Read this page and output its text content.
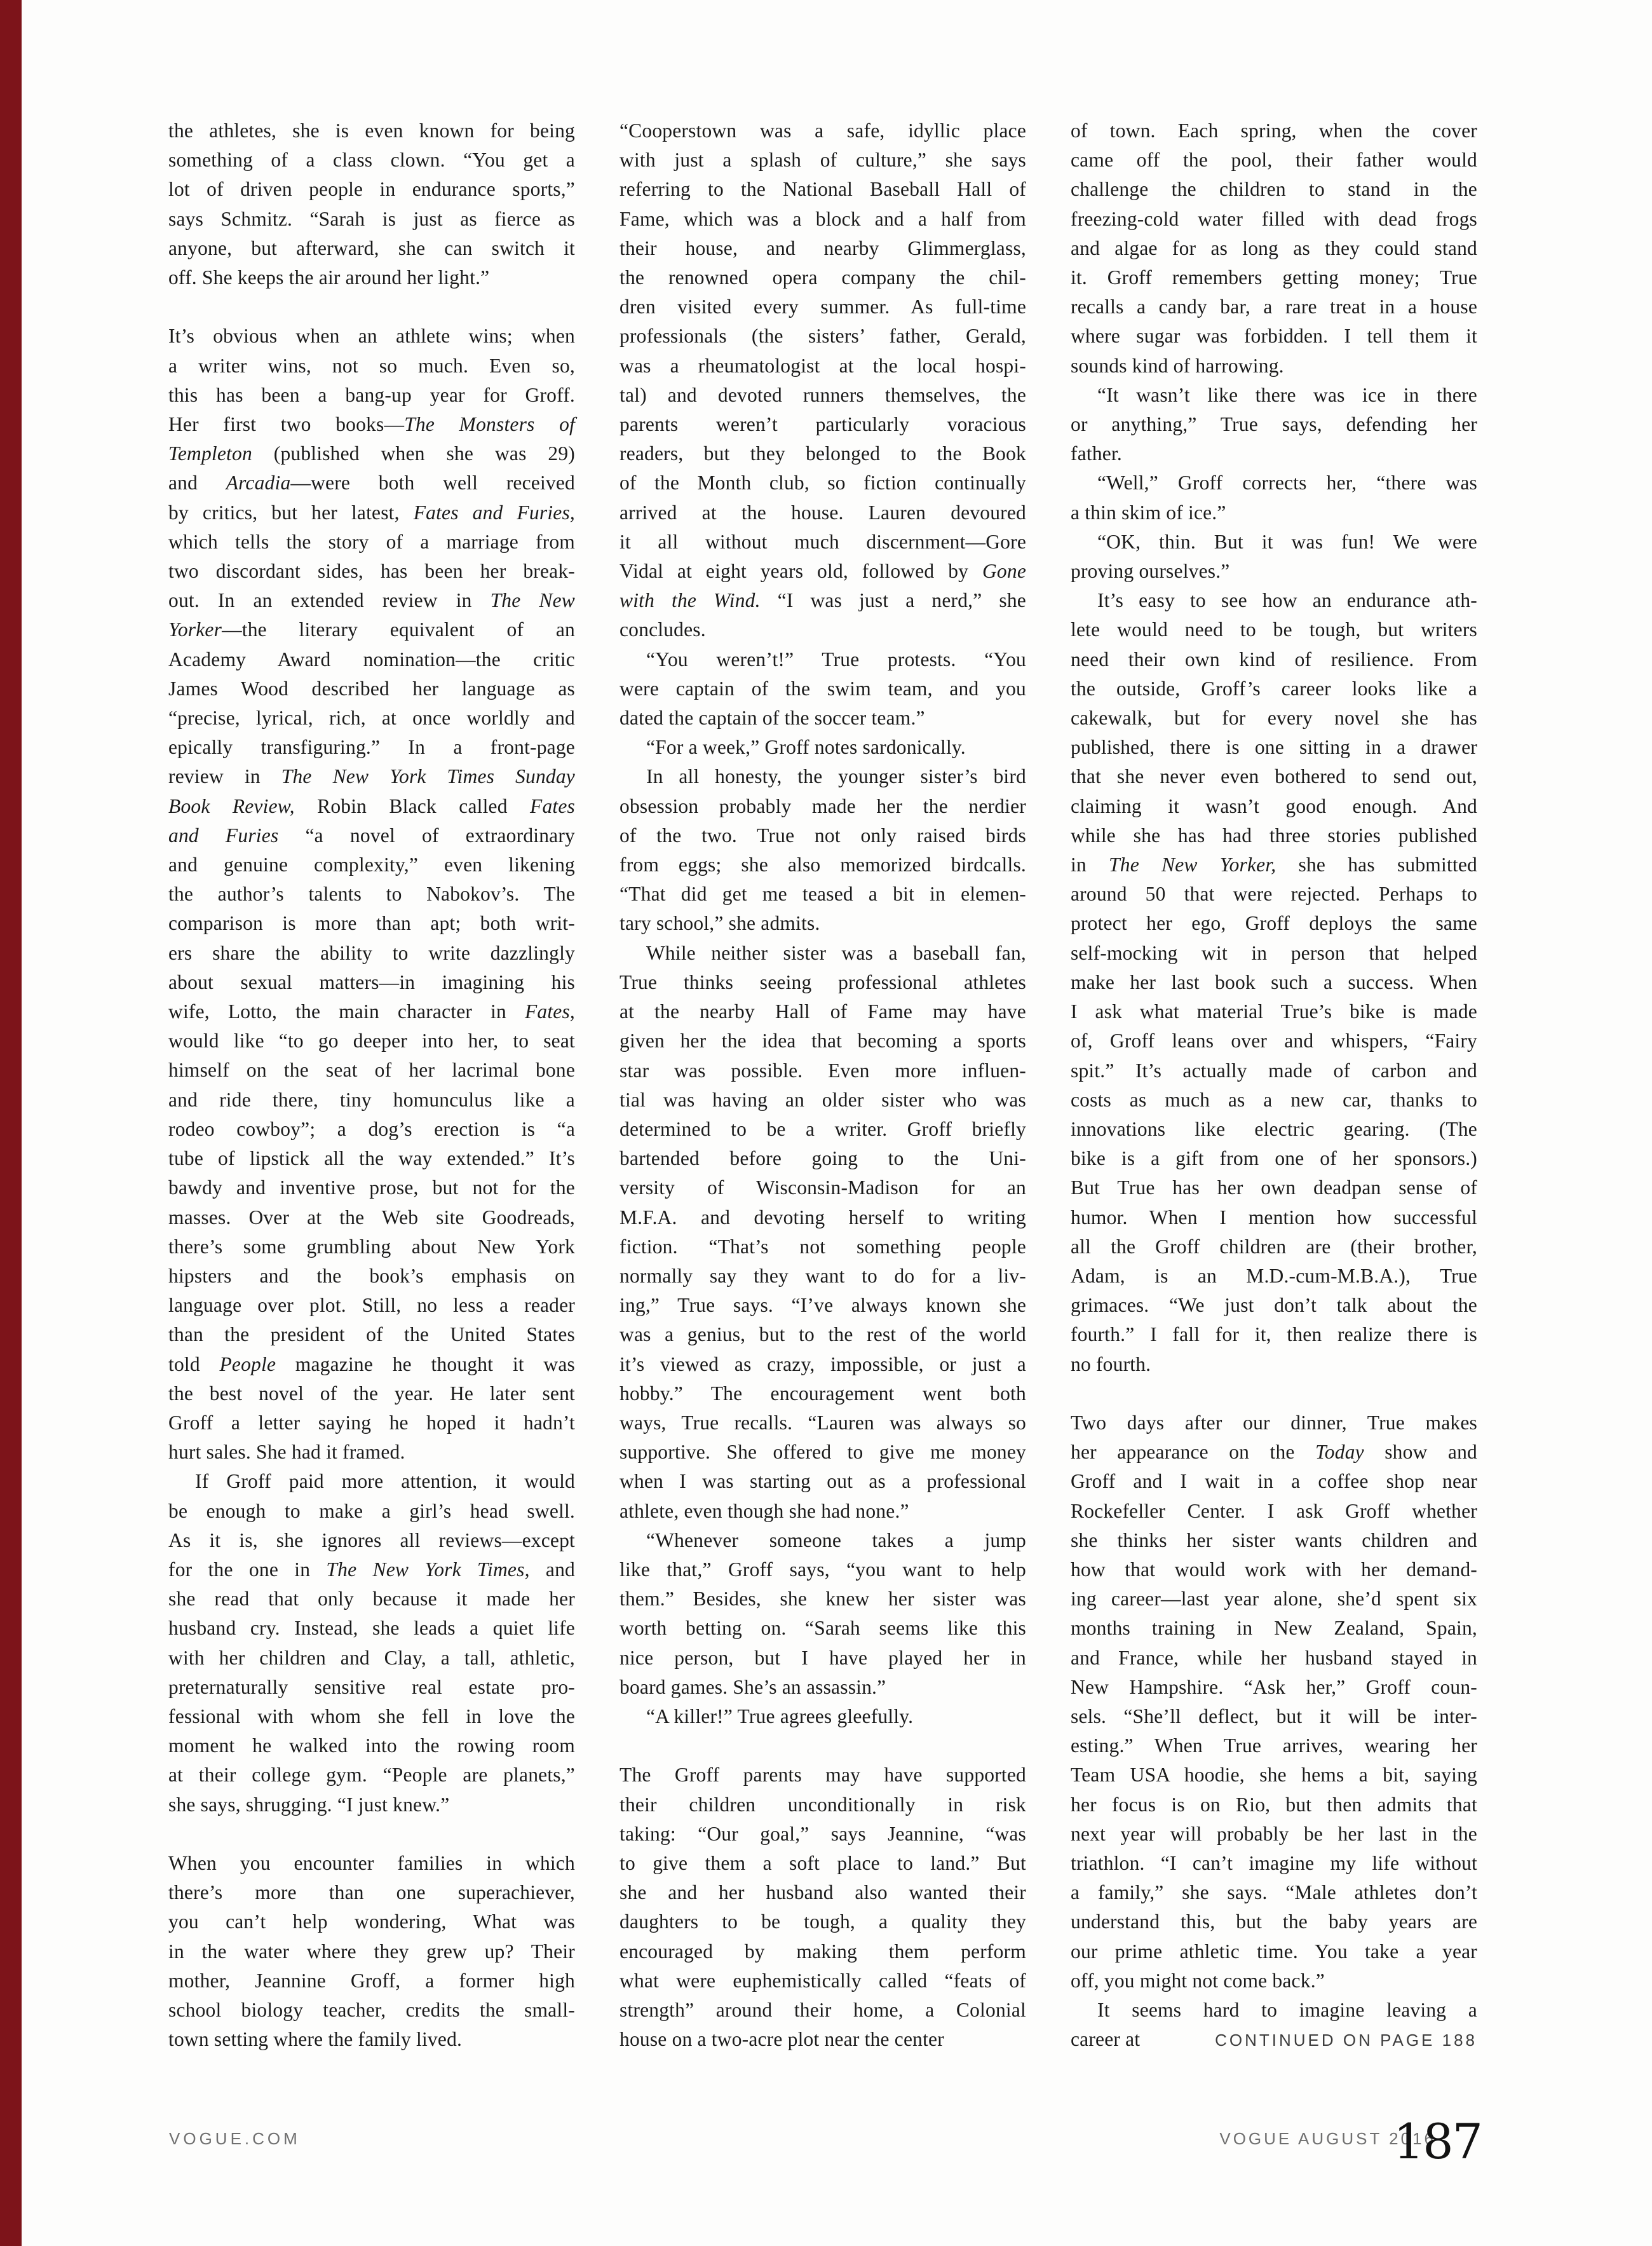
the athletes, she is even known for being
something of a class clown. “You get a
lot of driven people in endurance sports,”
says Schmitz. “Sarah is just as fierce as
anyone, but afterward, she can switch it
off. She keeps the air around her light.”
It’s obvious when an athlete wins; when
a writer wins, not so much. Even so,
this has been a bang-up year for Groff.
Her first two books—The Monsters of
Templeton (published when she was 29)
and Arcadia—were both well received
by critics, but her latest, Fates and Furies,
which tells the story of a marriage from
two discordant sides, has been her break-
out. In an extended review in The New
Yorker—the literary equivalent of an
Academy Award nomination—the critic
James Wood described her language as
“precise, lyrical, rich, at once worldly and
epically transfiguring.” In a front-page
review in The New York Times Sunday
Book Review, Robin Black called Fates
and Furies “a novel of extraordinary
and genuine complexity,” even likening
the author’s talents to Nabokov’s. The
comparison is more than apt; both writ-
ers share the ability to write dazzlingly
about sexual matters—in imagining his
wife, Lotto, the main character in Fates,
would like “to go deeper into her, to seat
himself on the seat of her lacrimal bone
and ride there, tiny homunculus like a
rodeo cowboy”; a dog’s erection is “a
tube of lipstick all the way extended.” It’s
bawdy and inventive prose, but not for the
masses. Over at the Web site Goodreads,
there’s some grumbling about New York
hipsters and the book’s emphasis on
language over plot. Still, no less a reader
than the president of the United States
told People magazine he thought it was
the best novel of the year. He later sent
Groff a letter saying he hoped it hadn’t
hurt sales. She had it framed.
If Groff paid more attention, it would
be enough to make a girl’s head swell.
As it is, she ignores all reviews—except
for the one in The New York Times, and
she read that only because it made her
husband cry. Instead, she leads a quiet life
with her children and Clay, a tall, athletic,
preternaturally sensitive real estate pro-
fessional with whom she fell in love the
moment he walked into the rowing room
at their college gym. “People are planets,”
she says, shrugging. “I just knew.”
When you encounter families in which
there’s more than one superachiever,
you can’t help wondering, What was
in the water where they grew up? Their
mother, Jeannine Groff, a former high
school biology teacher, credits the small-
town setting where the family lived.
“Cooperstown was a safe, idyllic place
with just a splash of culture,” she says
referring to the National Baseball Hall of
Fame, which was a block and a half from
their house, and nearby Glimmerglass,
the renowned opera company the chil-
dren visited every summer. As full-time
professionals (the sisters’ father, Gerald,
was a rheumatologist at the local hospi-
tal) and devoted runners themselves, the
parents weren’t particularly voracious
readers, but they belonged to the Book
of the Month club, so fiction continually
arrived at the house. Lauren devoured
it all without much discernment—Gore
Vidal at eight years old, followed by Gone
with the Wind. “I was just a nerd,” she
concludes.
“You weren’t!” True protests. “You
were captain of the swim team, and you
dated the captain of the soccer team.”
“For a week,” Groff notes sardonically.
In all honesty, the younger sister’s bird
obsession probably made her the nerdier
of the two. True not only raised birds
from eggs; she also memorized birdcalls.
“That did get me teased a bit in elemen-
tary school,” she admits.
While neither sister was a baseball fan,
True thinks seeing professional athletes
at the nearby Hall of Fame may have
given her the idea that becoming a sports
star was possible. Even more influen-
tial was having an older sister who was
determined to be a writer. Groff briefly
bartended before going to the Uni-
versity of Wisconsin-Madison for an
M.F.A. and devoting herself to writing
fiction. “That’s not something people
normally say they want to do for a liv-
ing,” True says. “I’ve always known she
was a genius, but to the rest of the world
it’s viewed as crazy, impossible, or just a
hobby.” The encouragement went both
ways, True recalls. “Lauren was always so
supportive. She offered to give me money
when I was starting out as a professional
athlete, even though she had none.”
“Whenever someone takes a jump
like that,” Groff says, “you want to help
them.” Besides, she knew her sister was
worth betting on. “Sarah seems like this
nice person, but I have played her in
board games. She’s an assassin.”
“A killer!” True agrees gleefully.
The Groff parents may have supported
their children unconditionally in risk
taking: “Our goal,” says Jeannine, “was
to give them a soft place to land.” But
she and her husband also wanted their
daughters to be tough, a quality they
encouraged by making them perform
what were euphemistically called “feats of
strength” around their home, a Colonial
house on a two-acre plot near the center
of town. Each spring, when the cover
came off the pool, their father would
challenge the children to stand in the
freezing-cold water filled with dead frogs
and algae for as long as they could stand
it. Groff remembers getting money; True
recalls a candy bar, a rare treat in a house
where sugar was forbidden. I tell them it
sounds kind of harrowing.
“It wasn’t like there was ice in there
or anything,” True says, defending her
father.
“Well,” Groff corrects her, “there was
a thin skim of ice.”
“OK, thin. But it was fun! We were
proving ourselves.”
It’s easy to see how an endurance ath-
lete would need to be tough, but writers
need their own kind of resilience. From
the outside, Groff’s career looks like a
cakewalk, but for every novel she has
published, there is one sitting in a drawer
that she never even bothered to send out,
claiming it wasn’t good enough. And
while she has had three stories published
in The New Yorker, she has submitted
around 50 that were rejected. Perhaps to
protect her ego, Groff deploys the same
self-mocking wit in person that helped
make her last book such a success. When
I ask what material True’s bike is made
of, Groff leans over and whispers, “Fairy
spit.” It’s actually made of carbon and
costs as much as a new car, thanks to
innovations like electric gearing. (The
bike is a gift from one of her sponsors.)
But True has her own deadpan sense of
humor. When I mention how successful
all the Groff children are (their brother,
Adam, is an M.D.-cum-M.B.A.), True
grimaces. “We just don’t talk about the
fourth.” I fall for it, then realize there is
no fourth.
Two days after our dinner, True makes
her appearance on the Today show and
Groff and I wait in a coffee shop near
Rockefeller Center. I ask Groff whether
she thinks her sister wants children and
how that would work with her demand-
ing career—last year alone, she’d spent six
months training in New Zealand, Spain,
and France, while her husband stayed in
New Hampshire. “Ask her,” Groff coun-
sels. “She’ll deflect, but it will be inter-
esting.” When True arrives, wearing her
Team USA hoodie, she hems a bit, saying
her focus is on Rio, but then admits that
next year will probably be her last in the
triathlon. “I can’t imagine my life without
a family,” she says. “Male athletes don’t
understand this, but the baby years are
our prime athletic time. You take a year
off, you might not come back.”
It seems hard to imagine leaving a
career at	CONTINUED ON PAGE 188
VOGUE.COM	VOGUE AUGUST 2016
187
